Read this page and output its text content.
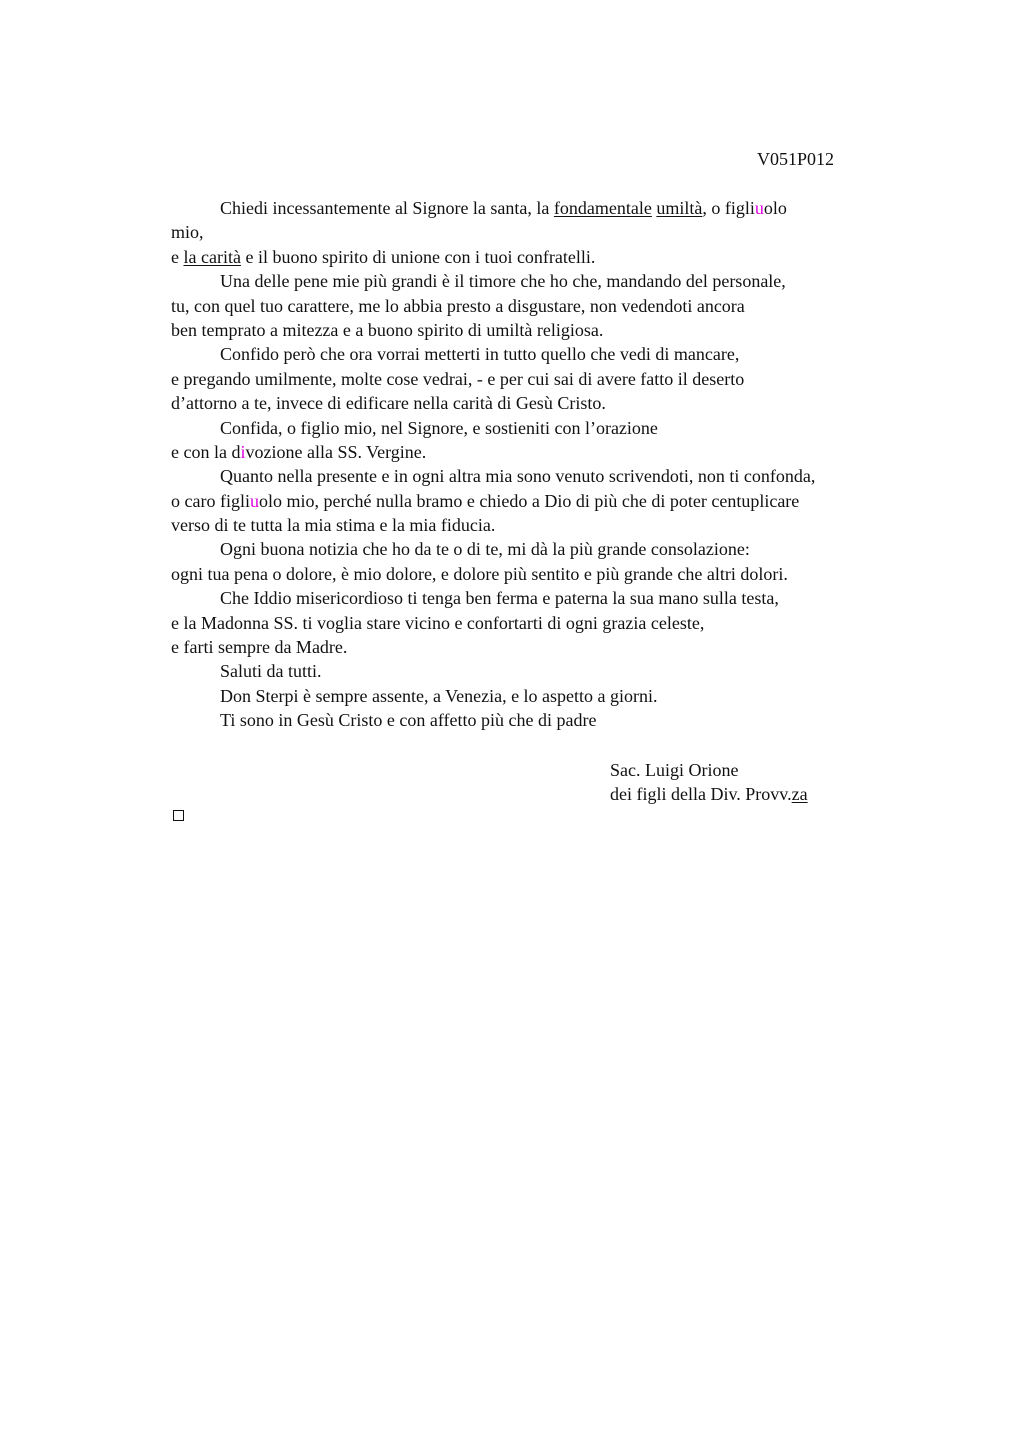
V051P012
Chiedi incessantemente al Signore la santa, la fondamentale umiltà, o figliuolo
mio,
e la carità e il buono spirito di unione con i tuoi confratelli.
Una delle pene mie più grandi è il timore che ho che, mandando del personale,
tu, con quel tuo carattere, me lo abbia presto a disgustare, non vedendoti ancora
ben temprato a mitezza e a buono spirito di umiltà religiosa.
Confido però che ora vorrai metterti in tutto quello che vedi di mancare,
e pregando umilmente, molte cose vedrai, - e per cui sai di avere fatto il deserto
d’attorno a te, invece di edificare nella carità di Gesù Cristo.
Confida, o figlio mio, nel Signore, e sostieniti con l’orazione
e con la divozione alla SS. Vergine.
Quanto nella presente e in ogni altra mia sono venuto scrivendoti, non ti confonda,
o caro figliuolo mio, perché nulla bramo e chiedo a Dio di più che di poter centuplicare
verso di te tutta la mia stima e la mia fiducia.
Ogni buona notizia che ho da te o di te, mi dà la più grande consolazione:
ogni tua pena o dolore, è mio dolore, e dolore più sentito e più grande che altri dolori.
Che Iddio misericordioso ti tenga ben ferma e paterna la sua mano sulla testa,
e la Madonna SS. ti voglia stare vicino e confortarti di ogni grazia celeste,
e farti sempre da Madre.
Saluti da tutti.
Don Sterpi è sempre assente, a Venezia, e lo aspetto a giorni.
Ti sono in Gesù Cristo e con affetto più che di padre
Sac. Luigi Orione
dei figli della Div. Provv.za
